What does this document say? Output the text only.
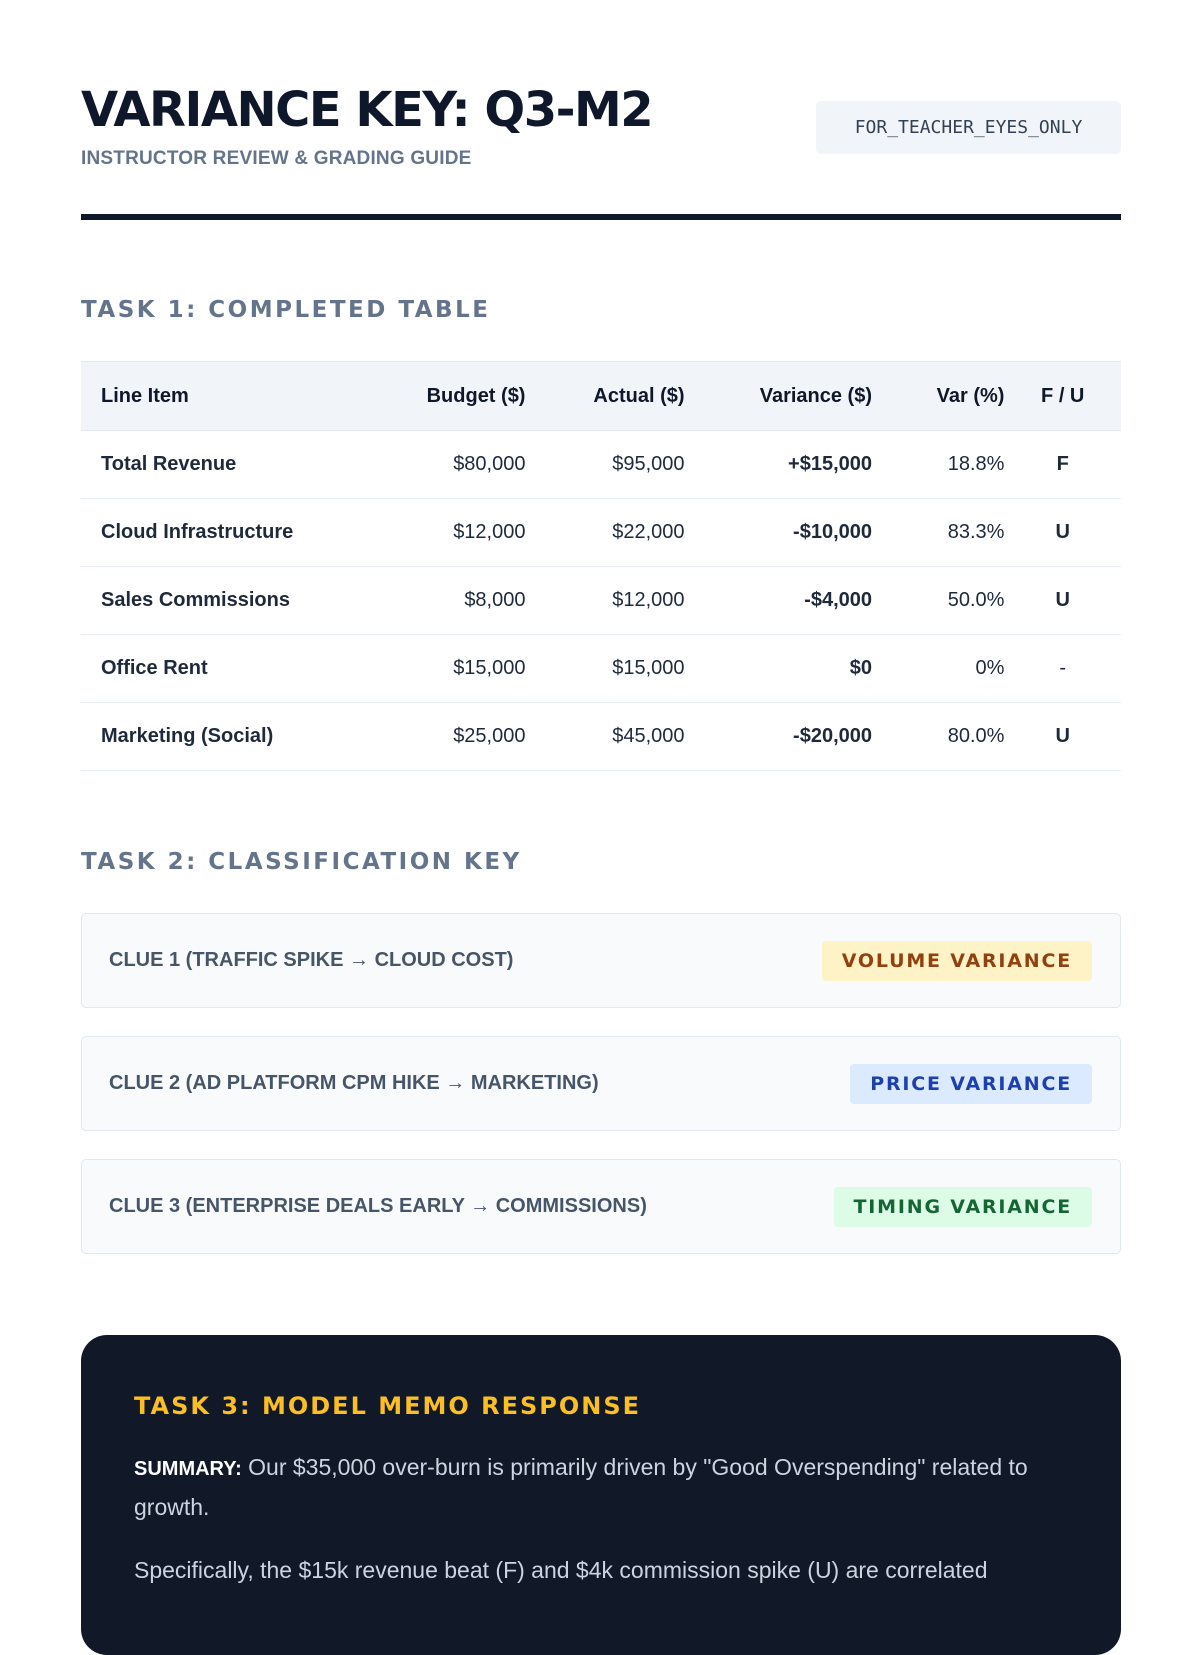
VARIANCE KEY: Q3-M2
INSTRUCTOR REVIEW & GRADING GUIDE
FOR_TEACHER_EYES_ONLY
TASK 1: COMPLETED TABLE
Line Item	Budget ($)	Actual ($)	Variance ($)	Var (%)	F / U
Total Revenue	$80,000	$95,000	+$15,000	18.8%	F
Cloud Infrastructure	$12,000	$22,000	-$10,000	83.3%	U
Sales Commissions	$8,000	$12,000	-$4,000	50.0%	U
Office Rent	$15,000	$15,000	$0	0%	-
Marketing (Social)	$25,000	$45,000	-$20,000	80.0%	U
TASK 2: CLASSIFICATION KEY
CLUE 1 (TRAFFIC SPIKE → CLOUD COST)	VOLUME VARIANCE
CLUE 2 (AD PLATFORM CPM HIKE → MARKETING)	PRICE VARIANCE
CLUE 3 (ENTERPRISE DEALS EARLY → COMMISSIONS)	TIMING VARIANCE
TASK 3: MODEL MEMO RESPONSE
SUMMARY: Our $35,000 over-burn is primarily driven by "Good Overspending" related to growth.
Specifically, the $15k revenue beat (F) and $4k commission spike (U) are correlated
